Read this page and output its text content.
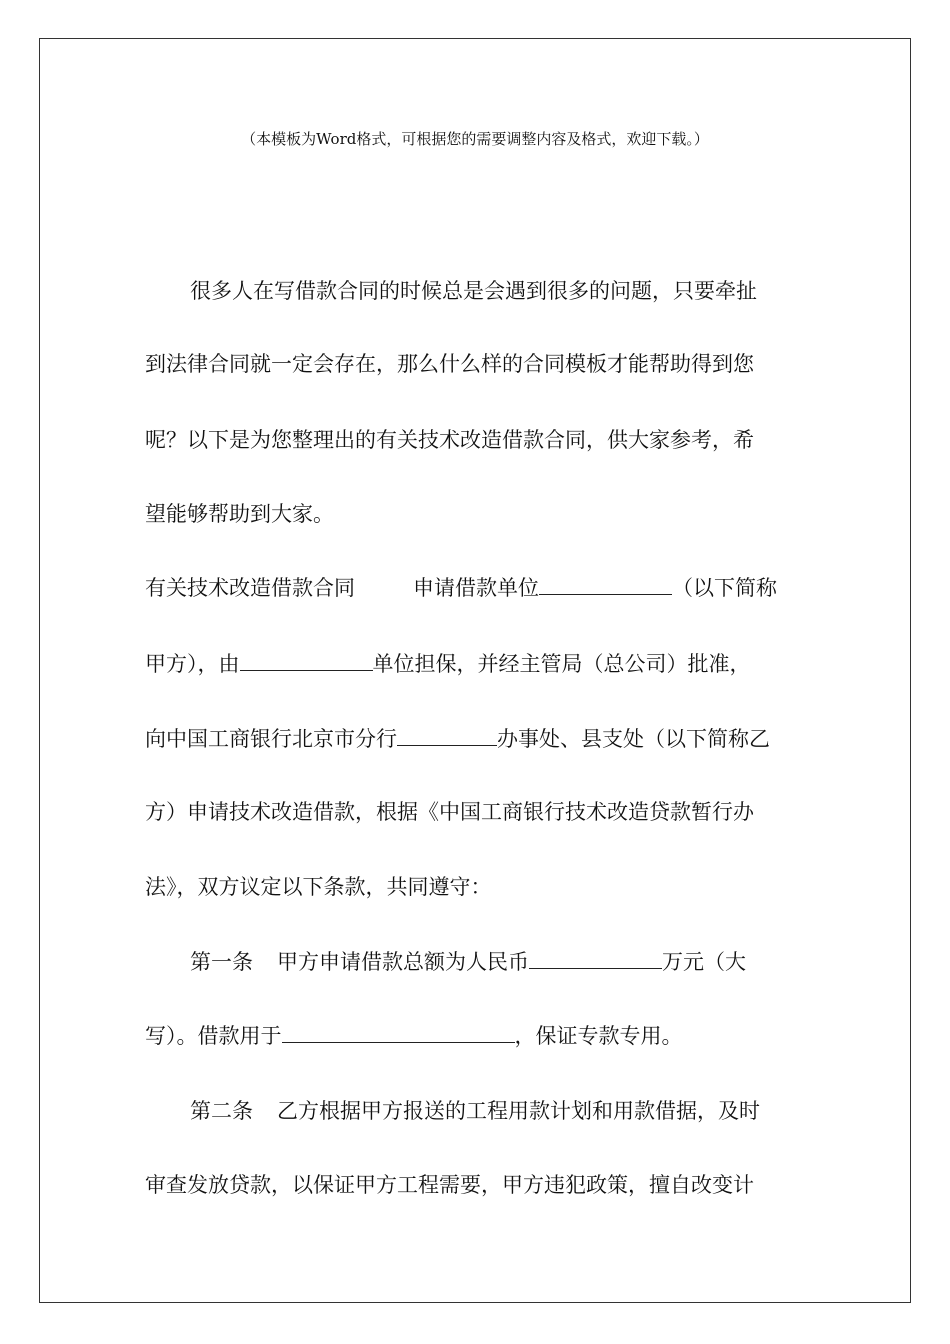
（本模板为Word格式，可根据您的需要调整内容及格式，欢迎下载。）
很多人在写借款合同的时候总是会遇到很多的问题，只要牵扯
到法律合同就一定会存在，那么什么样的合同模板才能帮助得到您
呢？以下是为您整理出的有关技术改造借款合同，供大家参考，希
望能够帮助到大家。
有关技术改造借款合同	申请借款单位	（以下简称
甲方），由	单位担保，并经主管局（总公司）批准，
向中国工商银行北京市分行	办事处、县支处（以下简称乙
方）申请技术改造借款，根据《中国工商银行技术改造贷款暂行办
法》，双方议定以下条款，共同遵守：
第一条 甲方申请借款总额为人民币	万元（大
写）。借款用于	，保证专款专用。
第二条 乙方根据甲方报送的工程用款计划和用款借据，及时
审查发放贷款，以保证甲方工程需要，甲方违犯政策，擅自改变计
